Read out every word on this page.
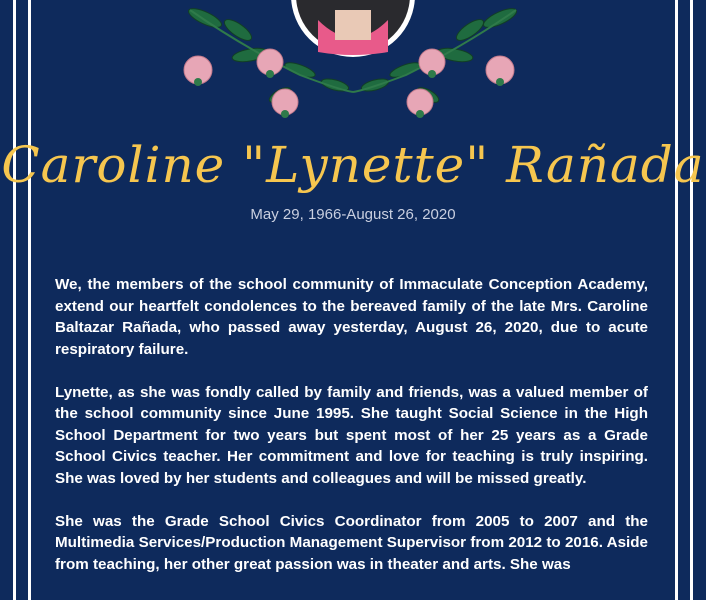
Caroline "Lynette" Rañada
May 29, 1966-August 26, 2020

We, the members of the school community of Immaculate Conception Academy, extend our heartfelt condolences to the bereaved family of the late Mrs. Caroline Baltazar Rañada, who passed away yesterday, August 26, 2020, due to acute respiratory failure.

Lynette, as she was fondly called by family and friends, was a valued member of the school community since June 1995. She taught Social Science in the High School Department for two years but spent most of her 25 years as a Grade School Civics teacher. Her commitment and love for teaching is truly inspiring. She was loved by her students and colleagues and will be missed greatly.

She was the Grade School Civics Coordinator from 2005 to 2007 and the Multimedia Services/Production Management Supervisor from 2012 to 2016. Aside from teaching, her other great passion was in theater and arts. She was
